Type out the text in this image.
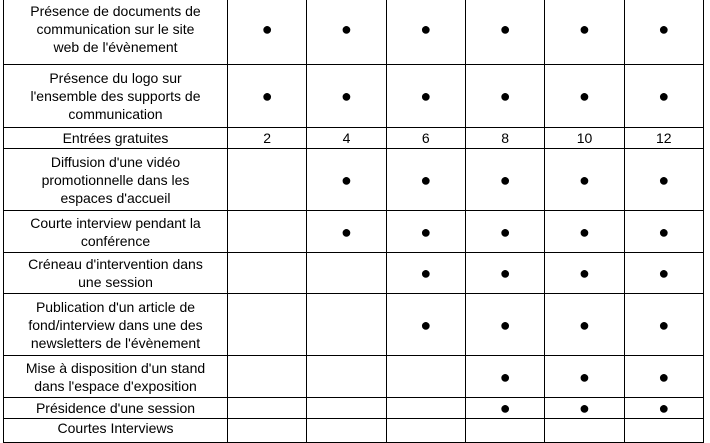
Présence de documents de
communication sur le site
web de l'évènement	●	●	●	●	●	●
Présence du logo sur
l'ensemble des supports de
communication	●	●	●	●	●	●
Entrées gratuites	2	4	6	8	10	12
Diffusion d'une vidéo
promotionnelle dans les
espaces d'accueil		●	●	●	●	●
Courte interview pendant la
conférence		●	●	●	●	●
Créneau d'intervention dans
une session			●	●	●	●
Publication d'un article de
fond/interview dans une des
newsletters de l'évènement			●	●	●	●
Mise à disposition d'un stand
dans l'espace d'exposition				●	●	●
Présidence d'une session				●	●	●
Courtes Interviews						
